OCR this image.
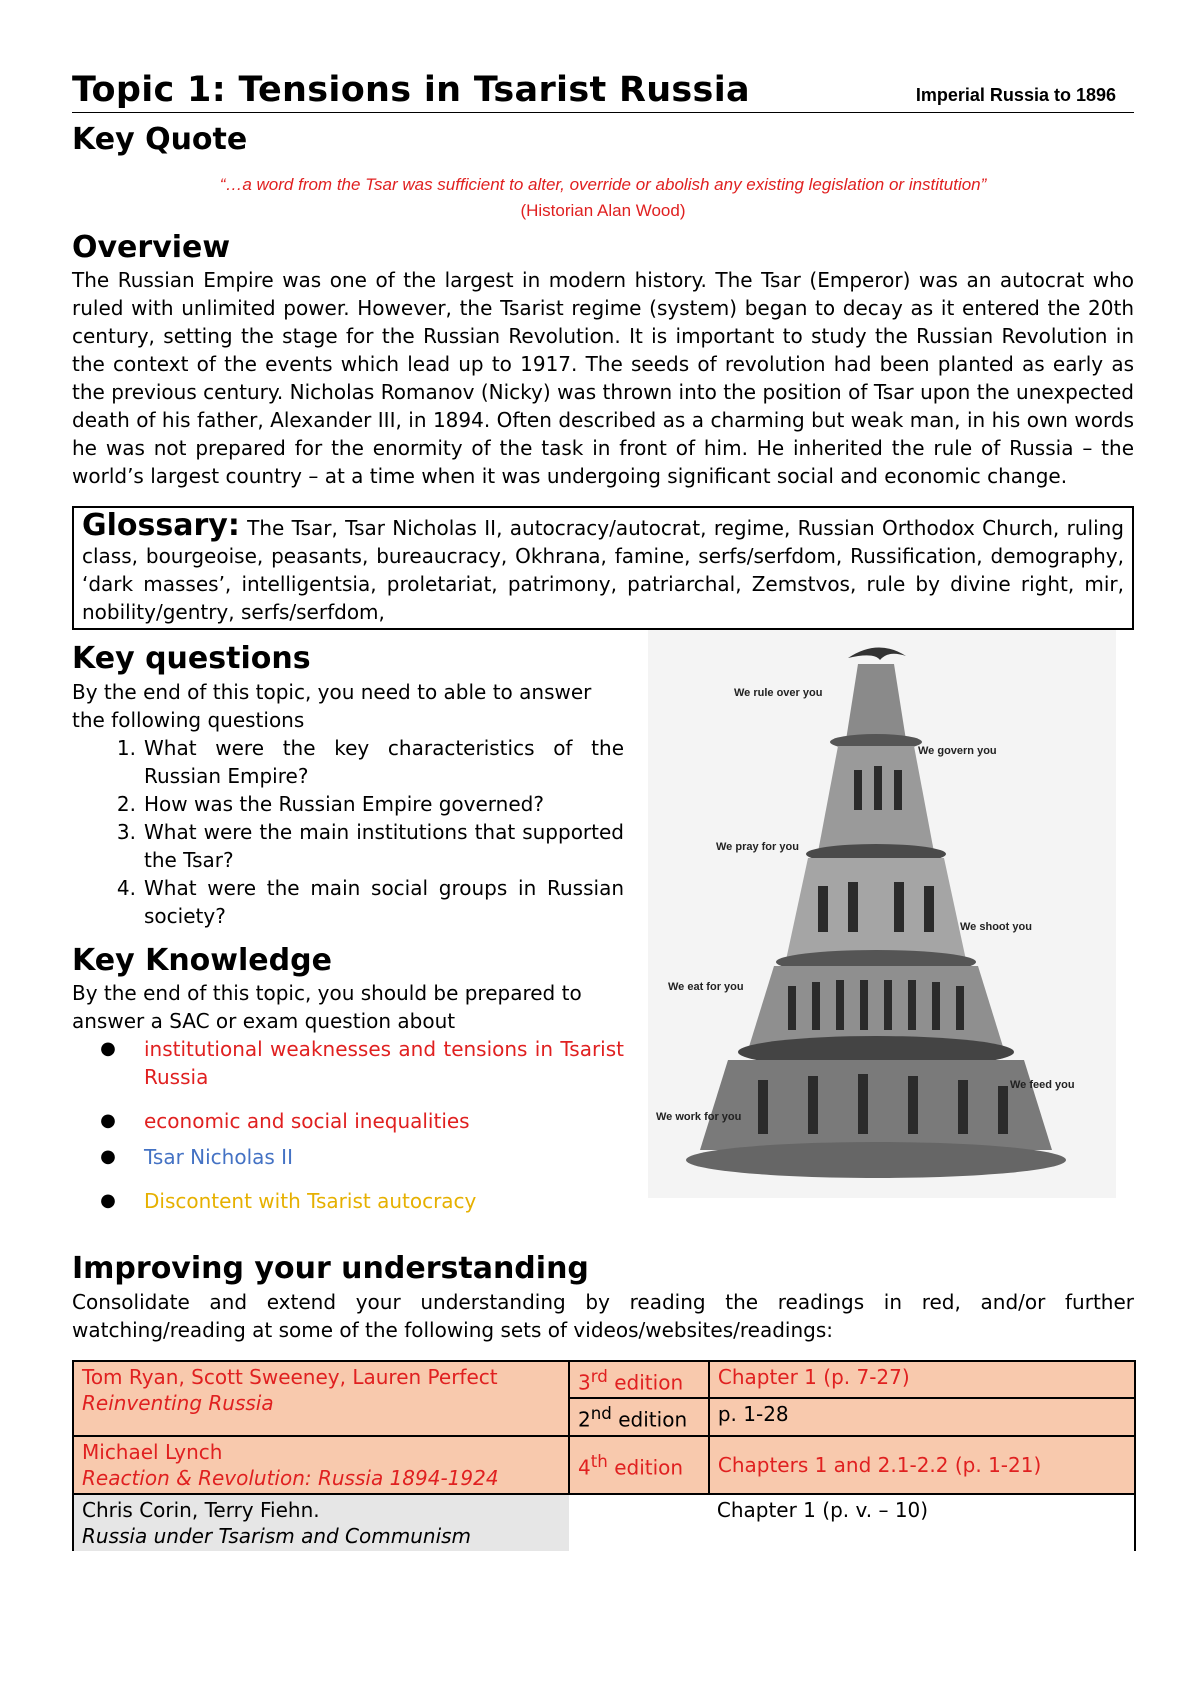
Topic 1: Tensions in Tsarist Russia	Imperial Russia to 1896
Key Quote
“…a word from the Tsar was sufficient to alter, override or abolish any existing legislation or institution”
(Historian Alan Wood)
Overview

The Russian Empire was one of the largest in modern history. The Tsar (Emperor) was an autocrat who ruled with unlimited power. However, the Tsarist regime (system) began to decay as it entered the 20th century, setting the stage for the Russian Revolution. It is important to study the Russian Revolution in the context of the events which lead up to 1917. The seeds of revolution had been planted as early as the previous century. Nicholas Romanov (Nicky) was thrown into the position of Tsar upon the unexpected death of his father, Alexander III, in 1894. Often described as a charming but weak man, in his own words he was not prepared for the enormity of the task in front of him. He inherited the rule of Russia – the world’s largest country – at a time when it was undergoing significant social and economic change.

Glossary: The Tsar, Tsar Nicholas II, autocracy/autocrat, regime, Russian Orthodox Church, ruling class, bourgeoise, peasants, bureaucracy, Okhrana, famine, serfs/serfdom, Russification, demography, ‘dark masses’, intelligentsia, proletariat, patrimony, patriarchal, Zemstvos, rule by divine right, mir, nobility/gentry, serfs/serfdom,
Key questions

By the end of this topic, you need to able to answer the following questions

1. What were the key characteristics of the Russian Empire?
2. How was the Russian Empire governed?
3. What were the main institutions that supported the Tsar?
4. What were the main social groups in Russian society?
Key Knowledge

By the end of this topic, you should be prepared to answer a SAC or exam question about

●	institutional weaknesses and tensions in Tsarist Russia
●	economic and social inequalities
●	Tsar Nicholas II
●	Discontent with Tsarist autocracy
We rule over you
We govern you
We pray for you
We shoot you
We eat for you
We feed you
We work for you
Improving your understanding

Consolidate and extend your understanding by reading the readings in red, and/or further watching/reading at some of the following sets of videos/websites/readings:

Tom Ryan, Scott Sweeney, Lauren Perfect
Reinventing Russia	3rd edition	Chapter 1 (p. 7-27)
	2nd edition	p. 1-28

Michael Lynch
Reaction & Revolution: Russia 1894-1924	4th edition	Chapters 1 and 2.1-2.2 (p. 1-21)

Chris Corin, Terry Fiehn.
Russia under Tsarism and Communism		Chapter 1 (p. v. – 10)
